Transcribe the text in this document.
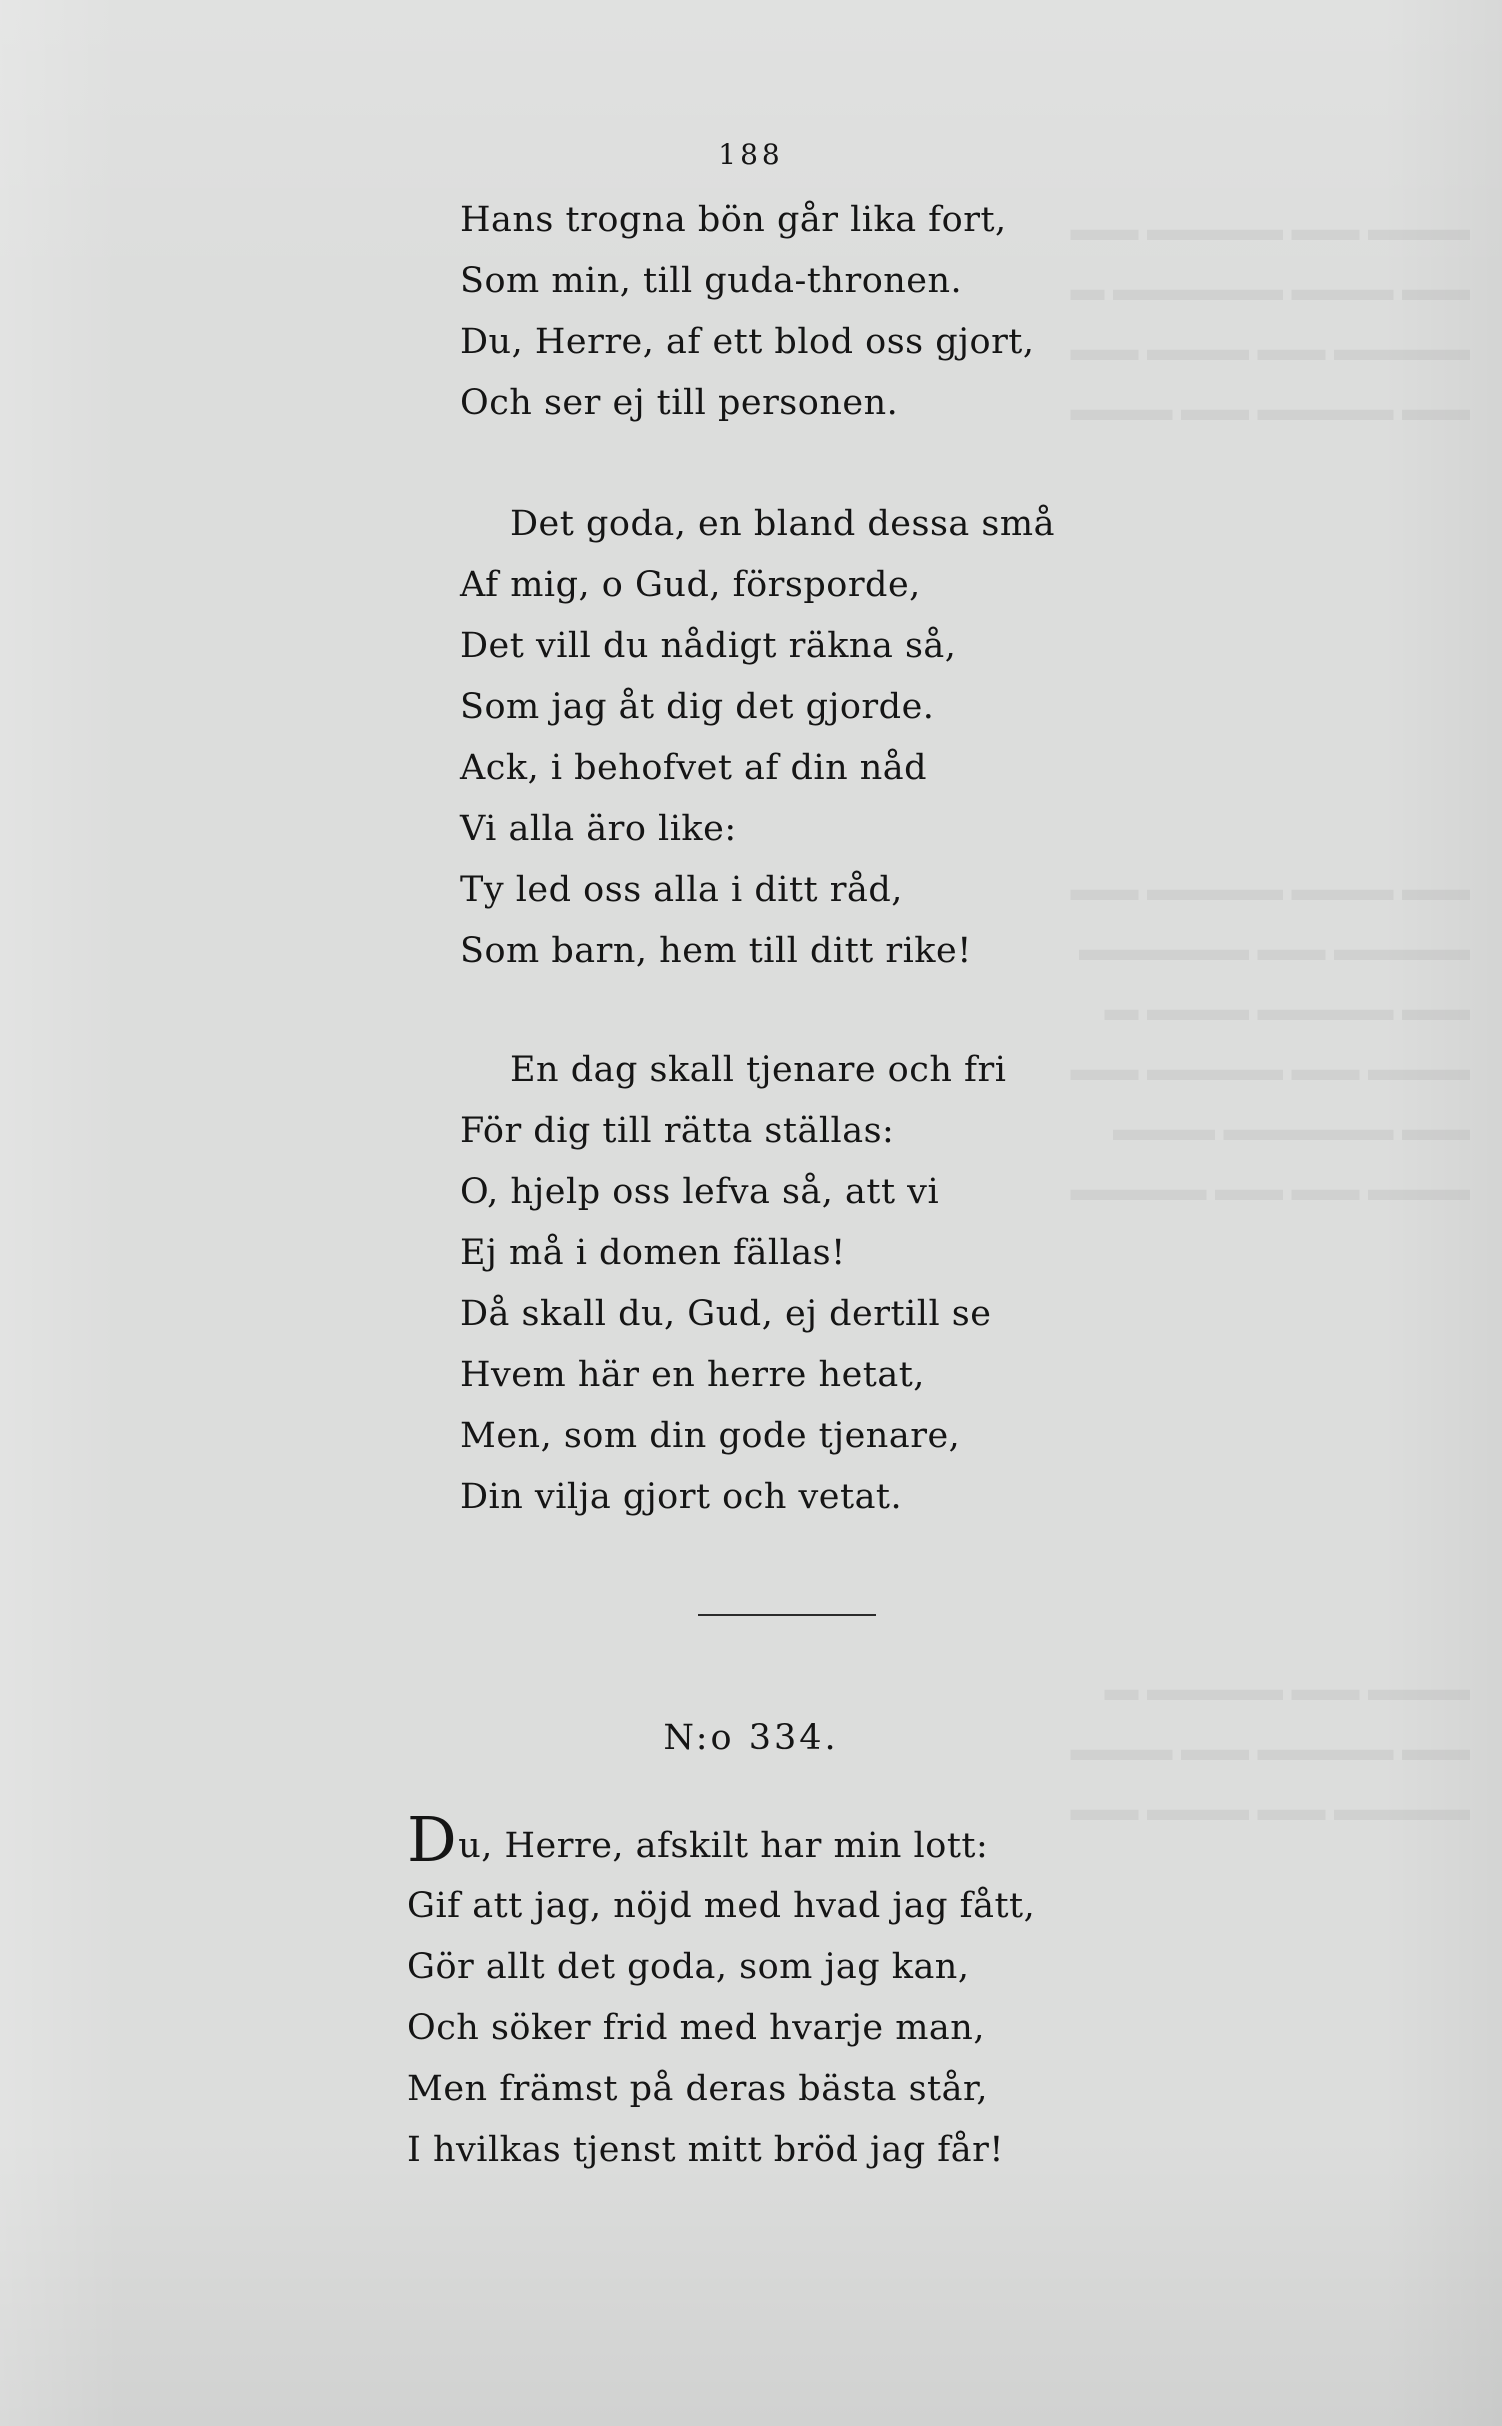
▬▬▬ ▬▬ ▬▬▬▬ ▬▬
▬▬ ▬▬▬ ▬▬▬▬▬ ▬
▬▬▬▬ ▬▬ ▬▬▬ ▬▬
▬▬ ▬▬▬▬ ▬▬ ▬▬▬
▬▬ ▬▬▬ ▬▬▬▬ ▬▬
▬▬▬▬ ▬▬ ▬▬▬▬▬
▬▬ ▬▬▬▬ ▬▬▬ ▬
▬▬▬ ▬▬ ▬▬▬▬ ▬▬
▬▬ ▬▬▬▬▬ ▬▬▬
▬▬▬ ▬▬ ▬▬ ▬▬▬▬
▬▬▬ ▬▬ ▬▬▬▬ ▬
▬▬ ▬▬▬▬ ▬▬ ▬▬▬
▬▬▬▬ ▬▬ ▬▬▬ ▬▬
188
Hans trogna bön går lika fort,
Som min, till guda-thronen.
Du, Herre, af ett blod oss gjort,
Och ser ej till personen.
Det goda, en bland dessa små
Af mig, o Gud, försporde,
Det vill du nådigt räkna så,
Som jag åt dig det gjorde.
Ack, i behofvet af din nåd
Vi alla äro like:
Ty led oss alla i ditt råd,
Som barn, hem till ditt rike!
En dag skall tjenare och fri
För dig till rätta ställas:
O, hjelp oss lefva så, att vi
Ej må i domen fällas!
Då skall du, Gud, ej dertill se
Hvem här en herre hetat,
Men, som din gode tjenare,
Din vilja gjort och vetat.
N:o 334.
Du, Herre, afskilt har min lott:
Gif att jag, nöjd med hvad jag fått,
Gör allt det goda, som jag kan,
Och söker frid med hvarje man,
Men främst på deras bästa står,
I hvilkas tjenst mitt bröd jag får!
